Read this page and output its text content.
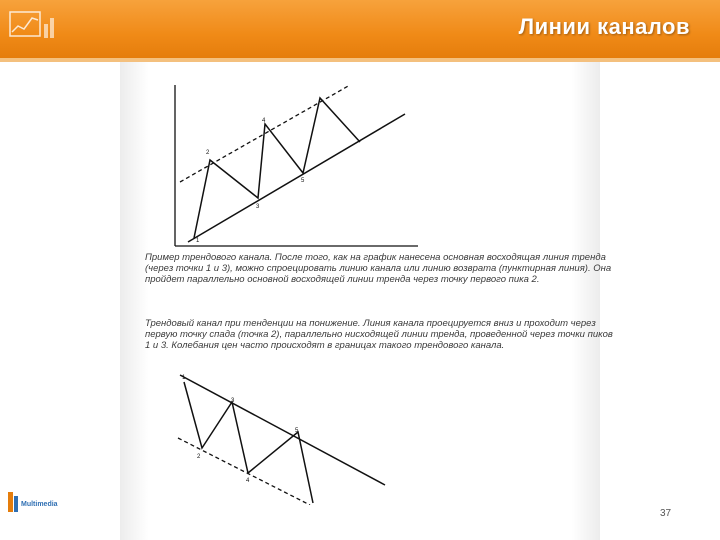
Линии каналов
1
2
3
4
5
Пример трендового канала. После того, как на график нанесена основная восходящая линия тренда (через точки 1 и 3), можно спроецировать линию канала или линию возврата (пунктирная линия). Она пройдет параллельно основной восходящей линии тренда через точку первого пика 2.
Трендовый канал при тенденции на понижение. Линия канала проецируется вниз и проходит через первую точку спада (точка 2), параллельно нисходящей линии тренда, проведенной через точки пиков 1 и 3. Колебания цен часто происходят в границах такого трендового канала.
1
2
3
4
5
Multimedia
37
